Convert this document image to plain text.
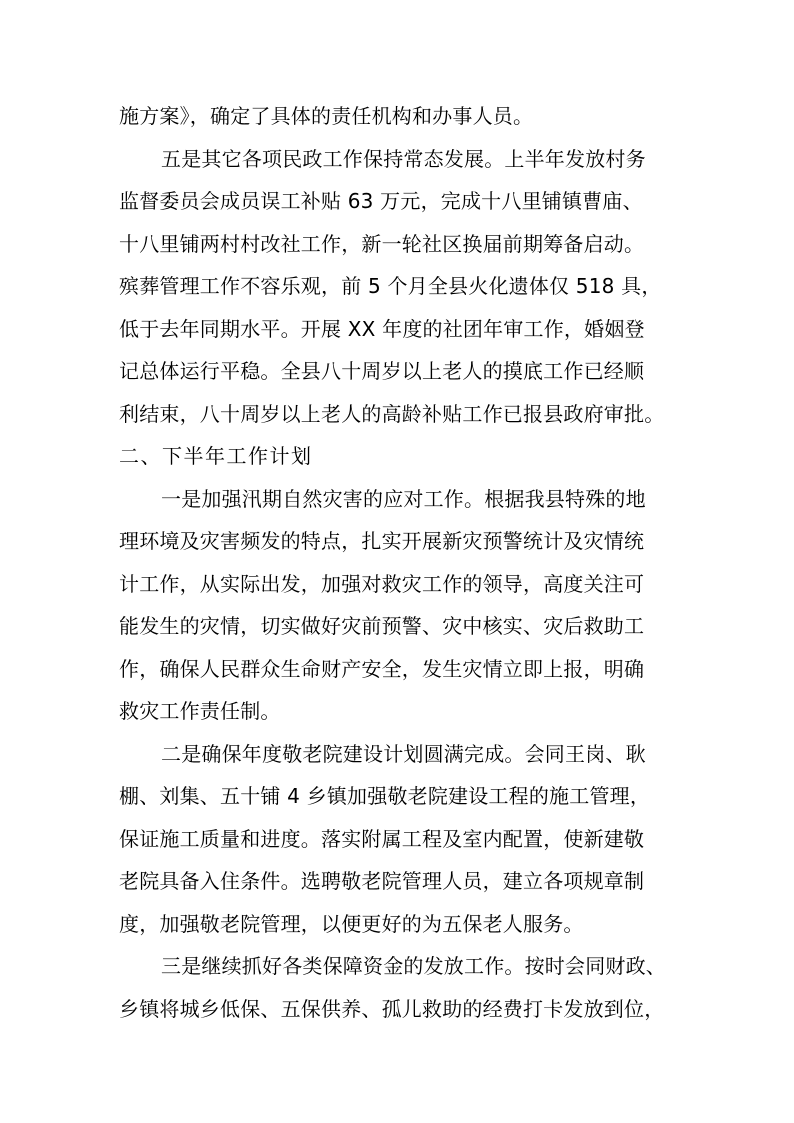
施方案》，确定了具体的责任机构和办事人员。
五是其它各项民政工作保持常态发展。上半年发放村务
监督委员会成员误工补贴 63 万元，完成十八里铺镇曹庙、
十八里铺两村村改社工作，新一轮社区换届前期筹备启动。
殡葬管理工作不容乐观，前 5 个月全县火化遗体仅 518 具，
低于去年同期水平。开展 XX 年度的社团年审工作，婚姻登
记总体运行平稳。全县八十周岁以上老人的摸底工作已经顺
利结束，八十周岁以上老人的高龄补贴工作已报县政府审批。
二、下半年工作计划
一是加强汛期自然灾害的应对工作。根据我县特殊的地
理环境及灾害频发的特点，扎实开展新灾预警统计及灾情统
计工作，从实际出发，加强对救灾工作的领导，高度关注可
能发生的灾情，切实做好灾前预警、灾中核实、灾后救助工
作，确保人民群众生命财产安全，发生灾情立即上报，明确
救灾工作责任制。
二是确保年度敬老院建设计划圆满完成。会同王岗、耿
棚、刘集、五十铺 4 乡镇加强敬老院建设工程的施工管理，
保证施工质量和进度。落实附属工程及室内配置，使新建敬
老院具备入住条件。选聘敬老院管理人员，建立各项规章制
度，加强敬老院管理，以便更好的为五保老人服务。
三是继续抓好各类保障资金的发放工作。按时会同财政、
乡镇将城乡低保、五保供养、孤儿救助的经费打卡发放到位，
